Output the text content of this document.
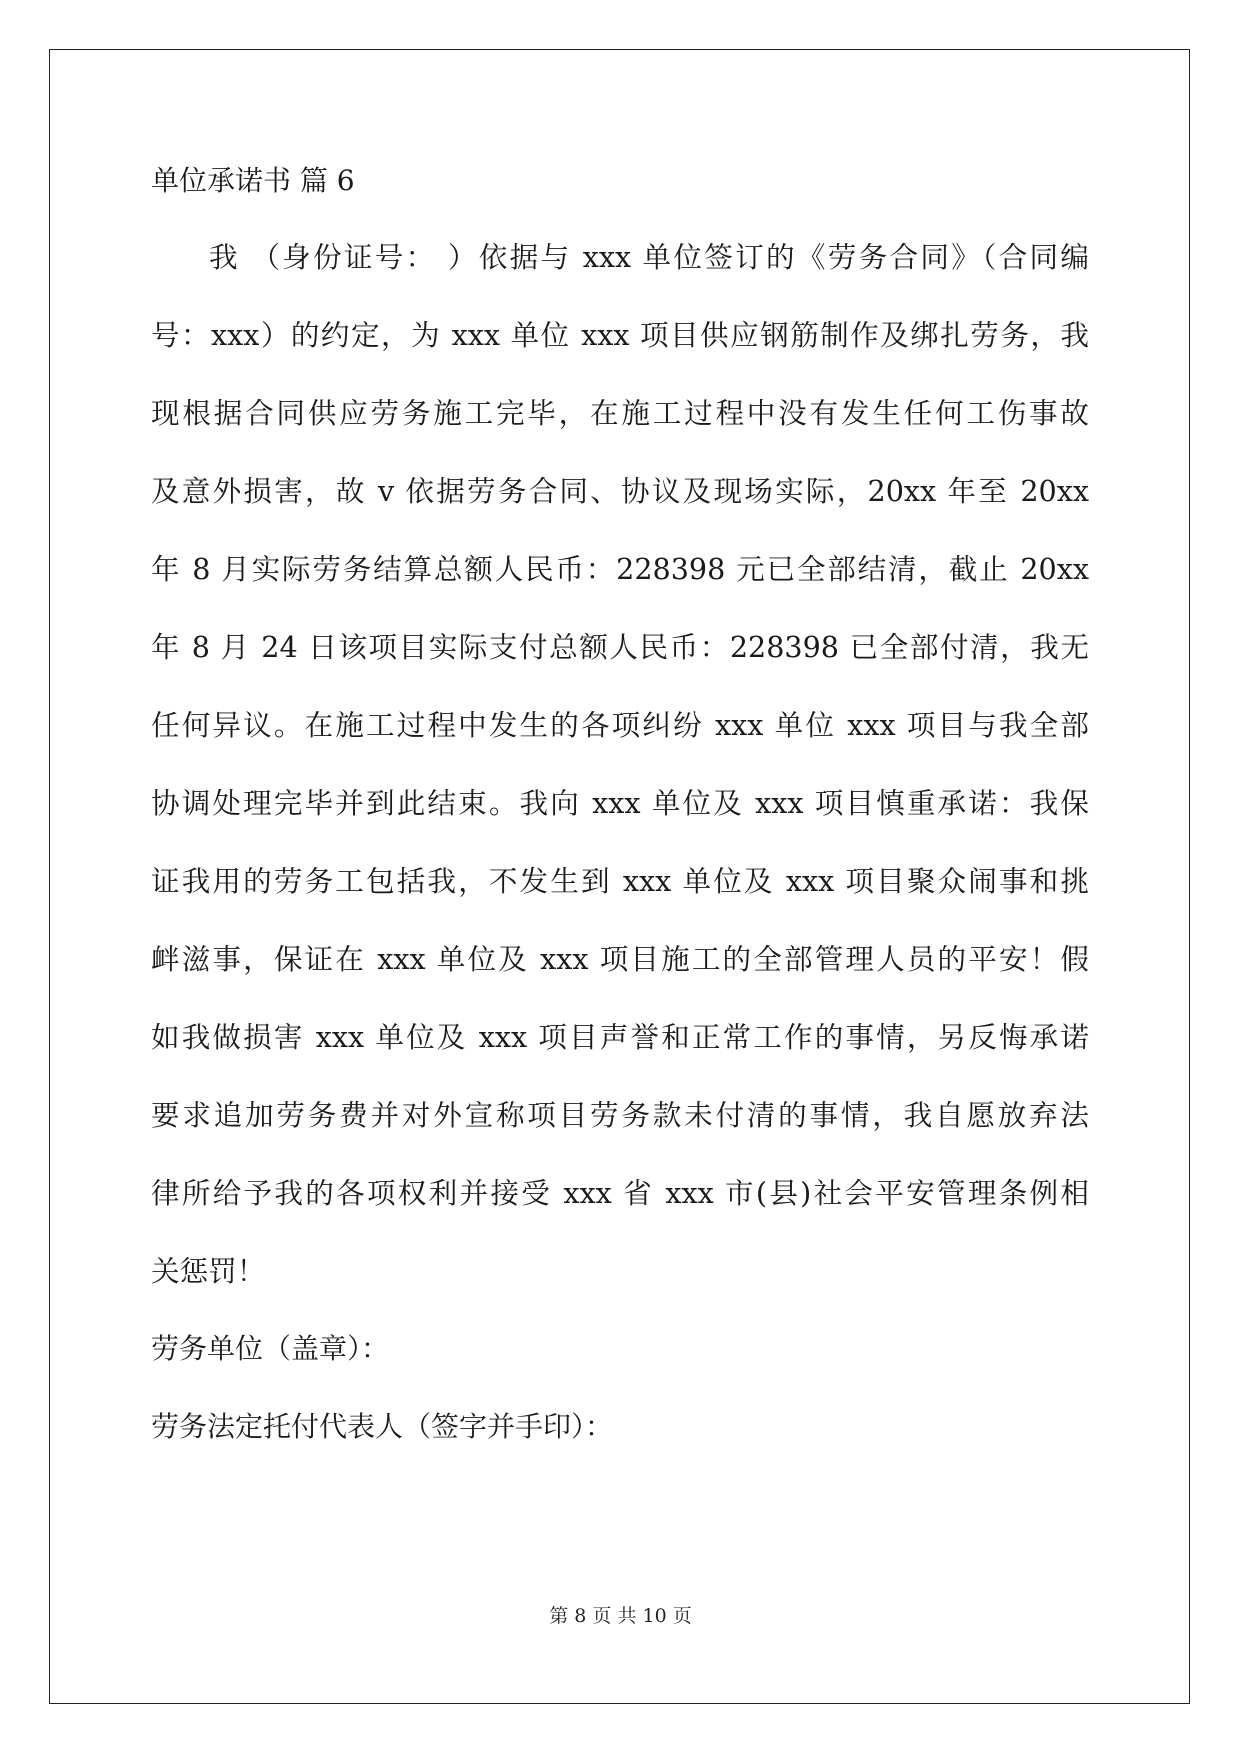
单位承诺书 篇 6
我 （身份证号： ）依据与 xxx 单位签订的《劳务合同》（合同编
号：xxx）的约定，为 xxx 单位 xxx 项目供应钢筋制作及绑扎劳务，我
现根据合同供应劳务施工完毕，在施工过程中没有发生任何工伤事故
及意外损害，故 v 依据劳务合同、协议及现场实际，20xx 年至 20xx
年 8 月实际劳务结算总额人民币：228398 元已全部结清，截止 20xx
年 8 月 24 日该项目实际支付总额人民币：228398 已全部付清，我无
任何异议。在施工过程中发生的各项纠纷 xxx 单位 xxx 项目与我全部
协调处理完毕并到此结束。我向 xxx 单位及 xxx 项目慎重承诺：我保
证我用的劳务工包括我，不发生到 xxx 单位及 xxx 项目聚众闹事和挑
衅滋事，保证在 xxx 单位及 xxx 项目施工的全部管理人员的平安！假
如我做损害 xxx 单位及 xxx 项目声誉和正常工作的事情，另反悔承诺
要求追加劳务费并对外宣称项目劳务款未付清的事情，我自愿放弃法
律所给予我的各项权利并接受 xxx 省 xxx 市(县)社会平安管理条例相
关惩罚！
劳务单位（盖章）：
劳务法定托付代表人（签字并手印）：
第 8 页 共 10 页
